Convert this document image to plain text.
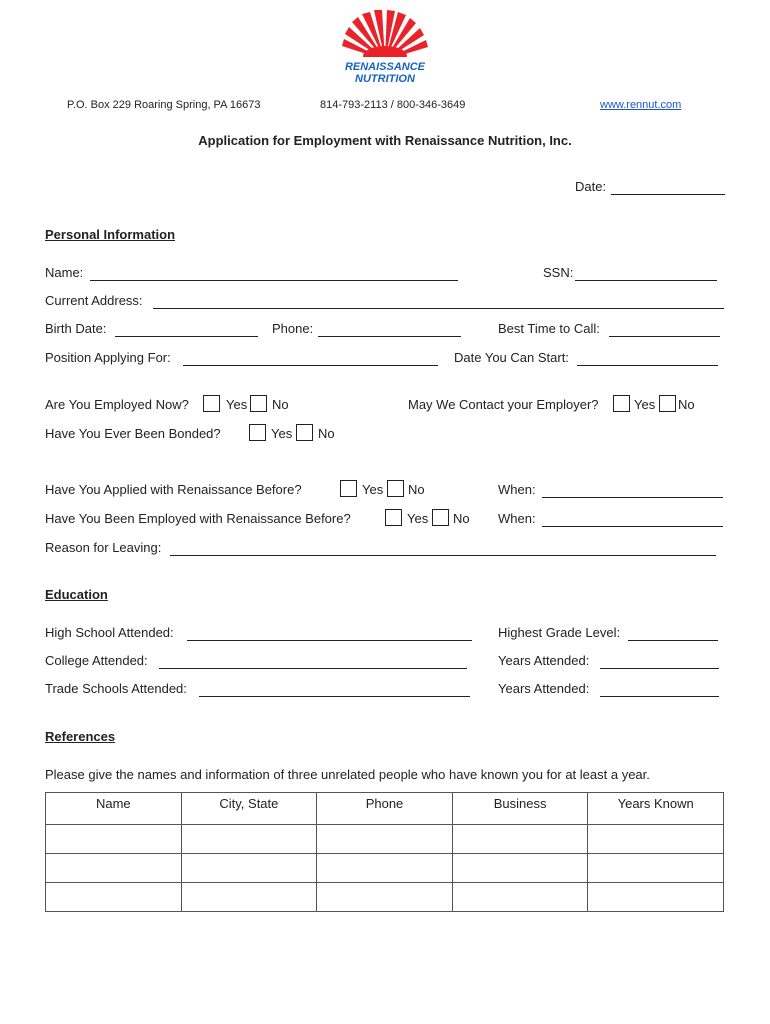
RENAISSANCE
NUTRITION
P.O. Box 229 Roaring Spring, PA 16673	814-793-2113 / 800-346-3649	www.rennut.com
Application for Employment with Renaissance Nutrition, Inc.
Date:
Personal Information
Name:	SSN:
Current Address:
Birth Date:	Phone:	Best Time to Call:
Position Applying For:	Date You Can Start:
Are You Employed Now?	Yes No	May We Contact your Employer?	Yes No
Have You Ever Been Bonded?	Yes No
Have You Applied with Renaissance Before?	Yes No	When:
Have You Been Employed with Renaissance Before?	Yes No When:
Reason for Leaving:
Education
High School Attended:	Highest Grade Level:
College Attended:	Years Attended:
Trade Schools Attended:	Years Attended:
References
Please give the names and information of three unrelated people who have known you for at least a year.
Name	City, State	Phone	Business	Years Known
